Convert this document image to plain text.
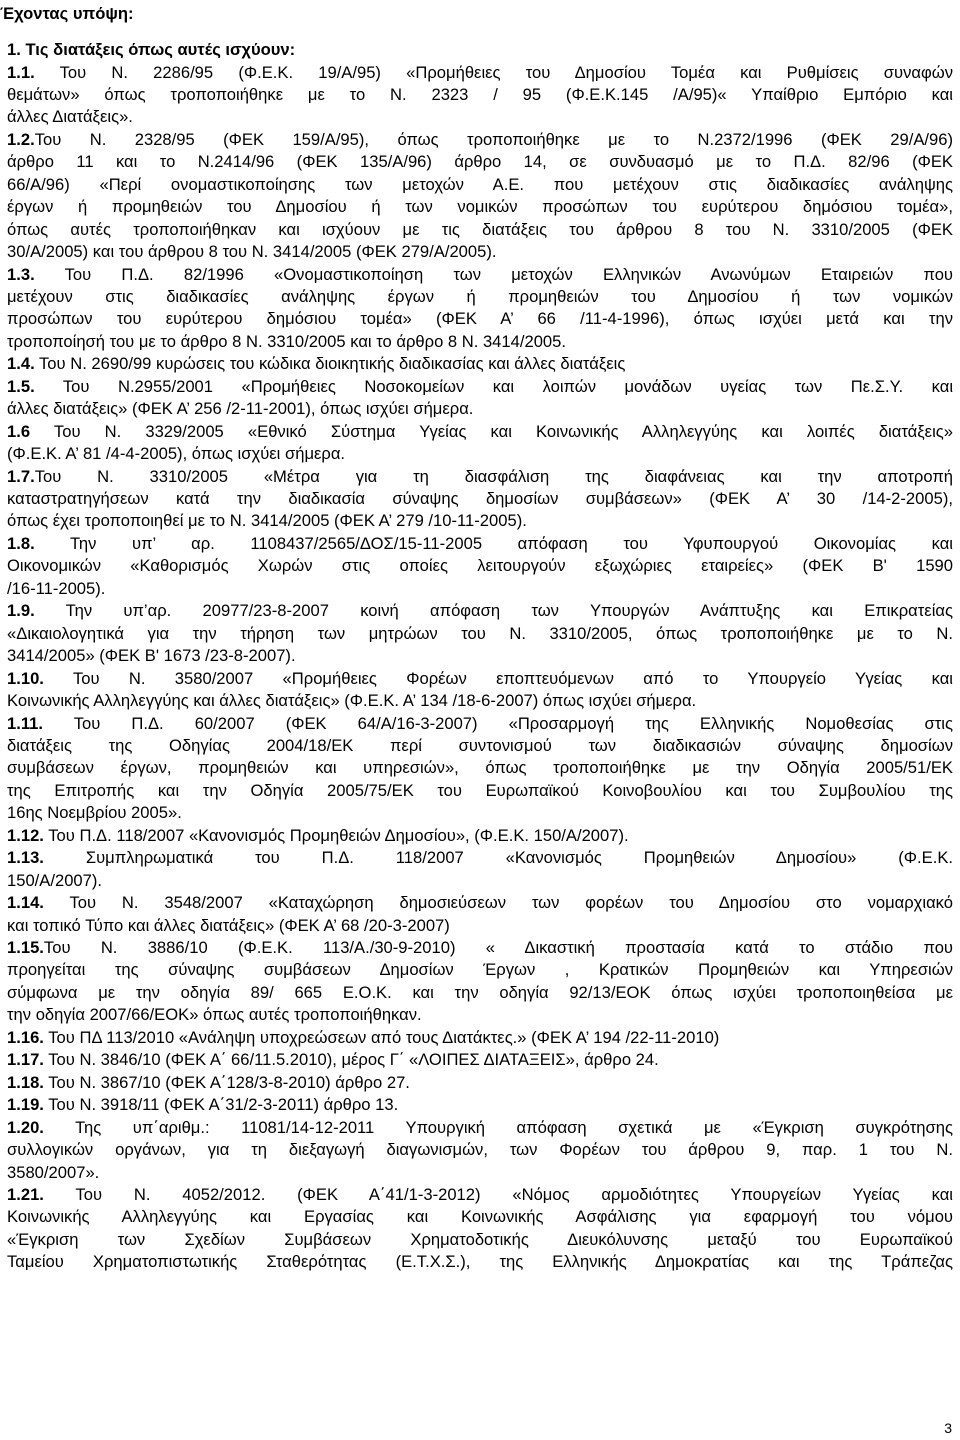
Έχοντας υπόψη:
1. Τις διατάξεις όπως αυτές ισχύουν:
1.1. Του Ν. 2286/95 (Φ.Ε.Κ. 19/Α/95) «Προμήθειες του Δημοσίου Τομέα και Ρυθμίσεις συναφών
θεμάτων» όπως τροποποιήθηκε με το Ν. 2323 / 95 (Φ.Ε.Κ.145 /Α/95)« Υπαίθριο Εμπόριο και
άλλες Διατάξεις».
1.2.Του Ν. 2328/95 (ΦΕΚ 159/Α/95), όπως τροποποιήθηκε με το Ν.2372/1996 (ΦΕΚ 29/Α/96)
άρθρο 11 και το Ν.2414/96 (ΦΕΚ 135/Α/96) άρθρο 14, σε συνδυασμό με το Π.Δ. 82/96 (ΦΕΚ
66/Α/96) «Περί ονομαστικοποίησης των μετοχών Α.Ε. που μετέχουν στις διαδικασίες ανάληψης
έργων ή προμηθειών του Δημοσίου ή των νομικών προσώπων του ευρύτερου δημόσιου τομέα»,
όπως αυτές τροποποιήθηκαν και ισχύουν με τις διατάξεις του άρθρου 8 του Ν. 3310/2005 (ΦΕΚ
30/Α/2005) και του άρθρου 8 του Ν. 3414/2005 (ΦΕΚ 279/Α/2005).
1.3. Του Π.Δ. 82/1996 «Ονομαστικοποίηση των μετοχών Ελληνικών Ανωνύμων Εταιρειών που
μετέχουν στις διαδικασίες ανάληψης έργων ή προμηθειών του Δημοσίου ή των νομικών
προσώπων του ευρύτερου δημόσιου τομέα» (ΦΕΚ Α’ 66 /11-4-1996), όπως ισχύει μετά και την
τροποποίησή του με το άρθρο 8 Ν. 3310/2005 και το άρθρο 8 Ν. 3414/2005.
1.4. Του Ν. 2690/99 κυρώσεις του κώδικα διοικητικής διαδικασίας και άλλες διατάξεις
1.5. Του Ν.2955/2001 «Προμήθειες Νοσοκομείων και λοιπών μονάδων υγείας των Πε.Σ.Υ. και
άλλες διατάξεις» (ΦΕΚ Α’ 256 /2-11-2001), όπως ισχύει σήμερα.
1.6 Του Ν. 3329/2005 «Εθνικό Σύστημα Υγείας και Κοινωνικής Αλληλεγγύης και λοιπές διατάξεις»
(Φ.Ε.Κ. Α’ 81 /4-4-2005), όπως ισχύει σήμερα.
1.7.Του Ν. 3310/2005 «Μέτρα για τη διασφάλιση της διαφάνειας και την αποτροπή
καταστρατηγήσεων κατά την διαδικασία σύναψης δημοσίων συμβάσεων» (ΦΕΚ Α’ 30 /14-2-2005),
όπως έχει τροποποιηθεί με το Ν. 3414/2005 (ΦΕΚ Α’ 279 /10-11-2005).
1.8. Την υπ’ αρ. 1108437/2565/ΔΟΣ/15-11-2005 απόφαση του Υφυπουργού Οικονομίας και
Οικονομικών «Καθορισμός Χωρών στις οποίες λειτουργούν εξωχώριες εταιρείες» (ΦΕΚ Β' 1590
/16-11-2005).
1.9. Την υπ’αρ. 20977/23-8-2007 κοινή απόφαση των Υπουργών Ανάπτυξης και Επικρατείας
«Δικαιολογητικά για την τήρηση των μητρώων του Ν. 3310/2005, όπως τροποποιήθηκε με το Ν.
3414/2005» (ΦΕΚ Β' 1673 /23-8-2007).
1.10. Του Ν. 3580/2007 «Προμήθειες Φορέων εποπτευόμενων από το Υπουργείο Υγείας και
Κοινωνικής Αλληλεγγύης και άλλες διατάξεις» (Φ.Ε.Κ. Α’ 134 /18-6-2007) όπως ισχύει σήμερα.
1.11. Του Π.Δ. 60/2007 (ΦΕΚ 64/Α/16-3-2007) «Προσαρμογή της Ελληνικής Νομοθεσίας στις
διατάξεις της Οδηγίας 2004/18/ΕΚ περί συντονισμού των διαδικασιών σύναψης δημοσίων
συμβάσεων έργων, προμηθειών και υπηρεσιών», όπως τροποποιήθηκε με την Οδηγία 2005/51/ΕΚ
της Επιτροπής και την Οδηγία 2005/75/ΕΚ του Ευρωπαϊκού Κοινοβουλίου και του Συμβουλίου της
16ης Νοεμβρίου 2005».
1.12. Του Π.Δ. 118/2007 «Κανονισμός Προμηθειών Δημοσίου», (Φ.Ε.Κ. 150/Α/2007).
1.13. Συμπληρωματικά του Π.Δ. 118/2007 «Κανονισμός Προμηθειών Δημοσίου» (Φ.Ε.Κ.
150/Α/2007).
1.14. Του Ν. 3548/2007 «Καταχώρηση δημοσιεύσεων των φορέων του Δημοσίου στο νομαρχιακό
και τοπικό Τύπο και άλλες διατάξεις» (ΦΕΚ Α’ 68 /20-3-2007)
1.15.Του Ν. 3886/10 (Φ.Ε.Κ. 113/Α./30-9-2010) « Δικαστική προστασία κατά το στάδιο που
προηγείται της σύναψης συμβάσεων Δημοσίων Έργων , Κρατικών Προμηθειών και Υπηρεσιών
σύμφωνα με την οδηγία 89/ 665 Ε.Ο.Κ. και την οδηγία 92/13/ΕΟΚ όπως ισχύει τροποποιηθείσα με
την οδηγία 2007/66/ΕΟΚ» όπως αυτές τροποποιήθηκαν.
1.16. Του ΠΔ 113/2010 «Ανάληψη υποχρεώσεων από τους Διατάκτες.» (ΦΕΚ Α’ 194 /22-11-2010)
1.17. Του Ν. 3846/10 (ΦΕΚ Α΄ 66/11.5.2010), μέρος Γ΄ «ΛΟΙΠΕΣ ΔΙΑΤΑΞΕΙΣ», άρθρο 24.
1.18. Του Ν. 3867/10 (ΦΕΚ Α΄128/3-8-2010) άρθρο 27.
1.19. Του Ν. 3918/11 (ΦΕΚ Α΄31/2-3-2011) άρθρο 13.
1.20. Της υπ΄αριθμ.: 11081/14-12-2011 Υπουργική απόφαση σχετικά με «Έγκριση συγκρότησης
συλλογικών οργάνων, για τη διεξαγωγή διαγωνισμών, των Φορέων του άρθρου 9, παρ. 1 του Ν.
3580/2007».
1.21. Του Ν. 4052/2012. (ΦΕΚ Α΄41/1-3-2012) «Νόμος αρμοδιότητες Υπουργείων Υγείας και
Κοινωνικής Αλληλεγγύης και Εργασίας και Κοινωνικής Ασφάλισης για εφαρμογή του νόμου
«Έγκριση των Σχεδίων Συμβάσεων Χρηματοδοτικής Διευκόλυνσης μεταξύ του Ευρωπαϊκού
Ταμείου Χρηματοπιστωτικής Σταθερότητας (Ε.Τ.Χ.Σ.), της Ελληνικής Δημοκρατίας και της Τράπεζας
3
